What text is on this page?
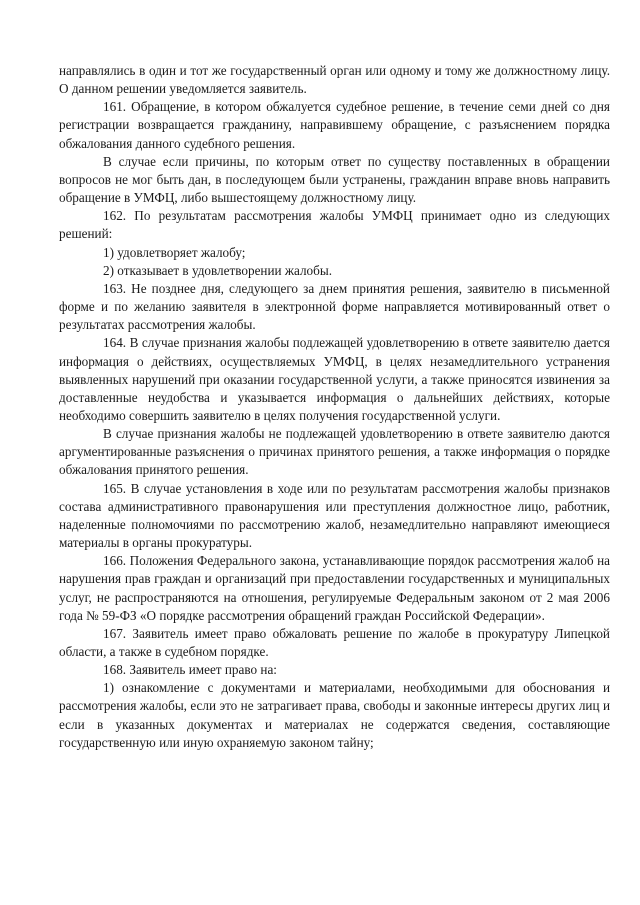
направлялись в один и тот же государственный орган или одному и тому же должностному лицу. О данном решении уведомляется заявитель.

161. Обращение, в котором обжалуется судебное решение, в течение семи дней со дня регистрации возвращается гражданину, направившему обращение, с разъяснением порядка обжалования данного судебного решения.

В случае если причины, по которым ответ по существу поставленных в обращении вопросов не мог быть дан, в последующем были устранены, гражданин вправе вновь направить обращение в УМФЦ, либо вышестоящему должностному лицу.

162. По результатам рассмотрения жалобы УМФЦ принимает одно из следующих решений:

1) удовлетворяет жалобу;

2) отказывает в удовлетворении жалобы.

163. Не позднее дня, следующего за днем принятия решения, заявителю в письменной форме и по желанию заявителя в электронной форме направляется мотивированный ответ о результатах рассмотрения жалобы.

164. В случае признания жалобы подлежащей удовлетворению в ответе заявителю дается информация о действиях, осуществляемых УМФЦ, в целях незамедлительного устранения выявленных нарушений при оказании государственной услуги, а также приносятся извинения за доставленные неудобства и указывается информация о дальнейших действиях, которые необходимо совершить заявителю в целях получения государственной услуги.

В случае признания жалобы не подлежащей удовлетворению в ответе заявителю даются аргументированные разъяснения о причинах принятого решения, а также информация о порядке обжалования принятого решения.

165. В случае установления в ходе или по результатам рассмотрения жалобы признаков состава административного правонарушения или преступления должностное лицо, работник, наделенные полномочиями по рассмотрению жалоб, незамедлительно направляют имеющиеся материалы в органы прокуратуры.

166. Положения Федерального закона, устанавливающие порядок рассмотрения жалоб на нарушения прав граждан и организаций при предоставлении государственных и муниципальных услуг, не распространяются на отношения, регулируемые Федеральным законом от 2 мая 2006 года № 59-ФЗ «О порядке рассмотрения обращений граждан Российской Федерации».

167. Заявитель имеет право обжаловать решение по жалобе в прокуратуру Липецкой области, а также в судебном порядке.

168. Заявитель имеет право на:

1) ознакомление с документами и материалами, необходимыми для обоснования и рассмотрения жалобы, если это не затрагивает права, свободы и законные интересы других лиц и если в указанных документах и материалах не содержатся сведения, составляющие государственную или иную охраняемую законом тайну;
